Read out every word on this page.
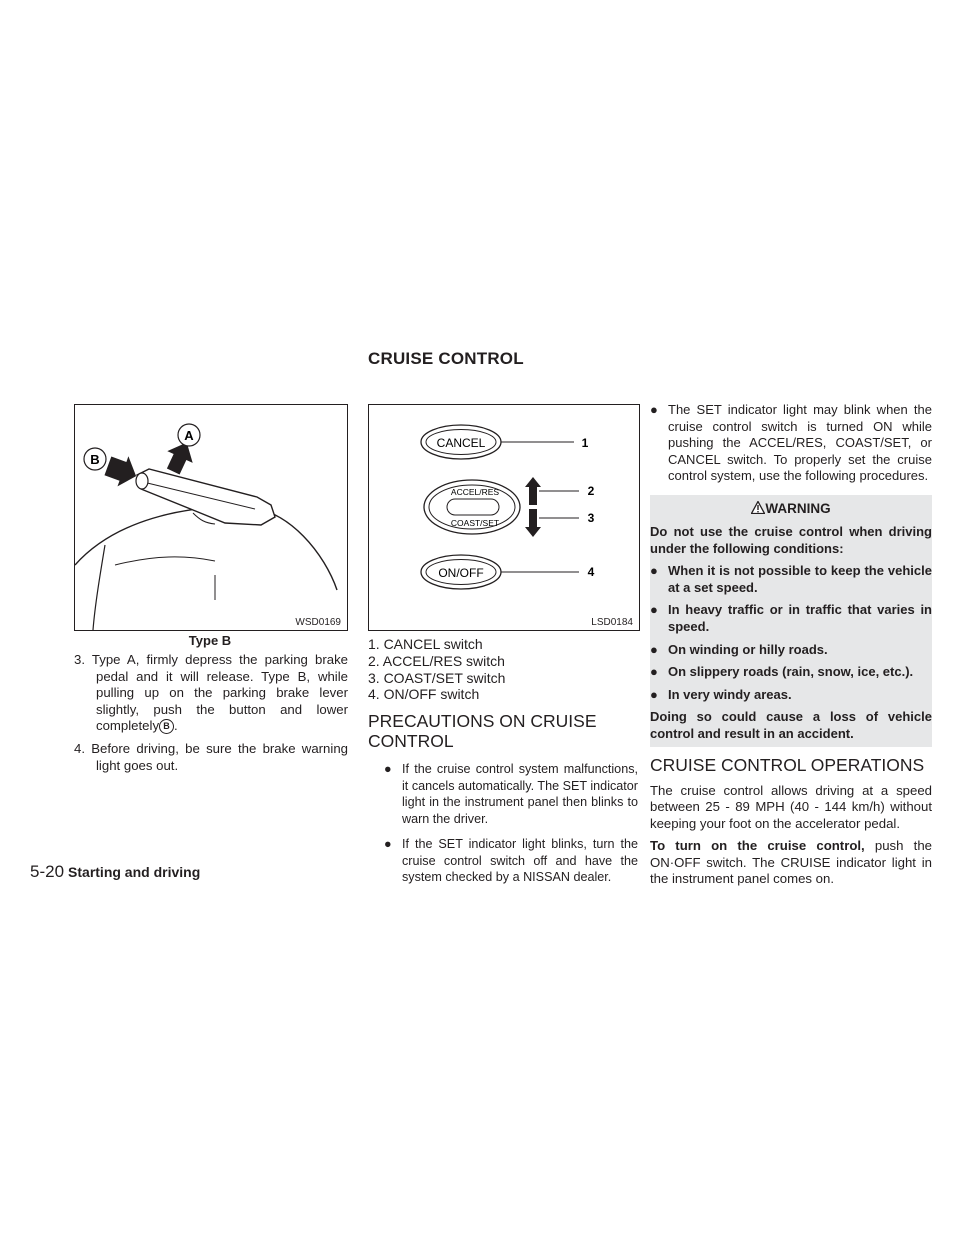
CRUISE CONTROL
A
B
WSD0169
Type B

3. Type A, firmly depress the parking brake pedal and it will release. Type B, while pulling up on the parking brake lever slightly, push the button and lower completely B .

4. Before driving, be sure the brake warning light goes out.

CANCEL	1
ACCEL/RES
COAST/SET
2
3
ON/OFF	4
LSD0184
1. CANCEL switch
2. ACCEL/RES switch
3. COAST/SET switch
4. ON/OFF switch
PRECAUTIONS ON CRUISE CONTROL
● If the cruise control system malfunctions, it cancels automatically. The SET indicator light in the instrument panel then blinks to warn the driver.
● If the SET indicator light blinks, turn the cruise control switch off and have the system checked by a NISSAN dealer.
● The SET indicator light may blink when the cruise control switch is turned ON while pushing the ACCEL/RES, COAST/SET, or CANCEL switch. To properly set the cruise control system, use the following procedures.
WARNING

Do not use the cruise control when driving under the following conditions:

● When it is not possible to keep the vehicle at a set speed.
● In heavy traffic or in traffic that varies in speed.
● On winding or hilly roads.
● On slippery roads (rain, snow, ice, etc.).
● In very windy areas.

Doing so could cause a loss of vehicle control and result in an accident.

CRUISE CONTROL OPERATIONS

The cruise control allows driving at a speed between 25 - 89 MPH (40 - 144 km/h) without keeping your foot on the accelerator pedal.

To turn on the cruise control, push the ON·OFF switch. The CRUISE indicator light in the instrument panel comes on.

5-20 Starting and driving
